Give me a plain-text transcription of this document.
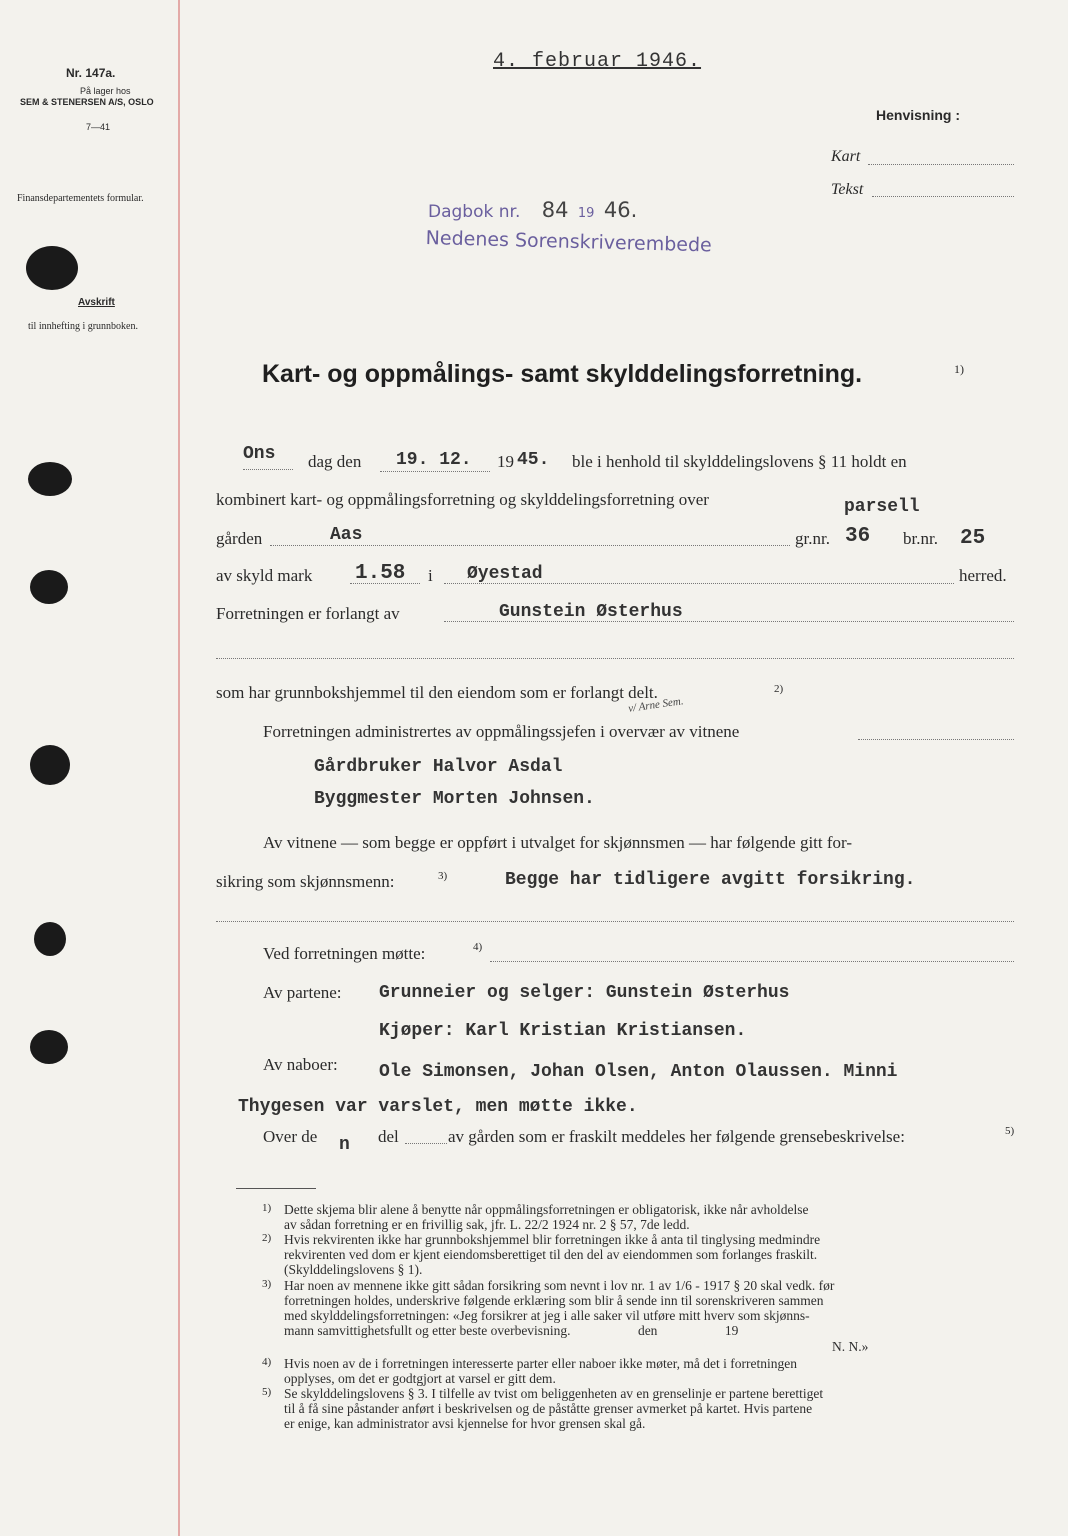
Nr. 147a.
På lager hos
SEM & STENERSEN A/S, OSLO
7—41
Finansdepartementets formular.
Avskrift
til innhefting i grunnboken.
4. februar 1946.
Henvisning :
Kart
Tekst
Dagbok nr. 84 19 46.
Nedenes Sorenskriverembede
Kart- og oppmålings- samt skylddelingsforretning.	1)
Ons dag den 19. 12. 19 45. ble i henhold til skylddelingslovens § 11 holdt en
kombinert kart- og oppmålingsforretning og skylddelingsforretning over	parsell
gården	Aas	gr.nr. 36 br.nr. 25
av skyld mark 1.58 i Øyestad	herred.
Forretningen er forlangt av	Gunstein Østerhus
som har grunnbokshjemmel til den eiendom som er forlangt delt.	2)
v/ Arne Sem.
Forretningen administrertes av oppmålingssjefen i overvær av vitnene
Gårdbruker Halvor Asdal
Byggmester Morten Johnsen.
Av vitnene — som begge er oppført i utvalget for skjønnsmen — har følgende gitt for-
sikring som skjønnsmenn:	3)	Begge har tidligere avgitt forsikring.
Ved forretningen møtte:	4)
Av partene: Grunneier og selger: Gunstein Østerhus
Kjøper: Karl Kristian Kristiansen.
Av naboer: Ole Simonsen, Johan Olsen, Anton Olaussen. Minni
Thygesen var varslet, men møtte ikke.
Over de n del	av gården som er fraskilt meddeles her følgende grensebeskrivelse:	5)
1) Dette skjema blir alene å benytte når oppmålingsforretningen er obligatorisk, ikke når avholdelse
av sådan forretning er en frivillig sak, jfr. L. 22/2 1924 nr. 2 § 57, 7de ledd.
2) Hvis rekvirenten ikke har grunnbokshjemmel blir forretningen ikke å anta til tinglysing medmindre
rekvirenten ved dom er kjent eiendomsberettiget til den del av eiendommen som forlanges fraskilt.
(Skylddelingslovens § 1).
3) Har noen av mennene ikke gitt sådan forsikring som nevnt i lov nr. 1 av 1/6 - 1917 § 20 skal vedk. før
forretningen holdes, underskrive følgende erklæring som blir å sende inn til sorenskriveren sammen
med skylddelingsforretningen: «Jeg forsikrer at jeg i alle saker vil utføre mitt hverv som skjønns-
mann samvittighetsfullt og etter beste overbevisning.                    den                    19
N. N.»
4) Hvis noen av de i forretningen interesserte parter eller naboer ikke møter, må det i forretningen
opplyses, om det er godtgjort at varsel er gitt dem.
5) Se skylddelingslovens § 3. I tilfelle av tvist om beliggenheten av en grenselinje er partene berettiget
til å få sine påstander anført i beskrivelsen og de påståtte grenser avmerket på kartet. Hvis partene
er enige, kan administrator avsi kjennelse for hvor grensen skal gå.
